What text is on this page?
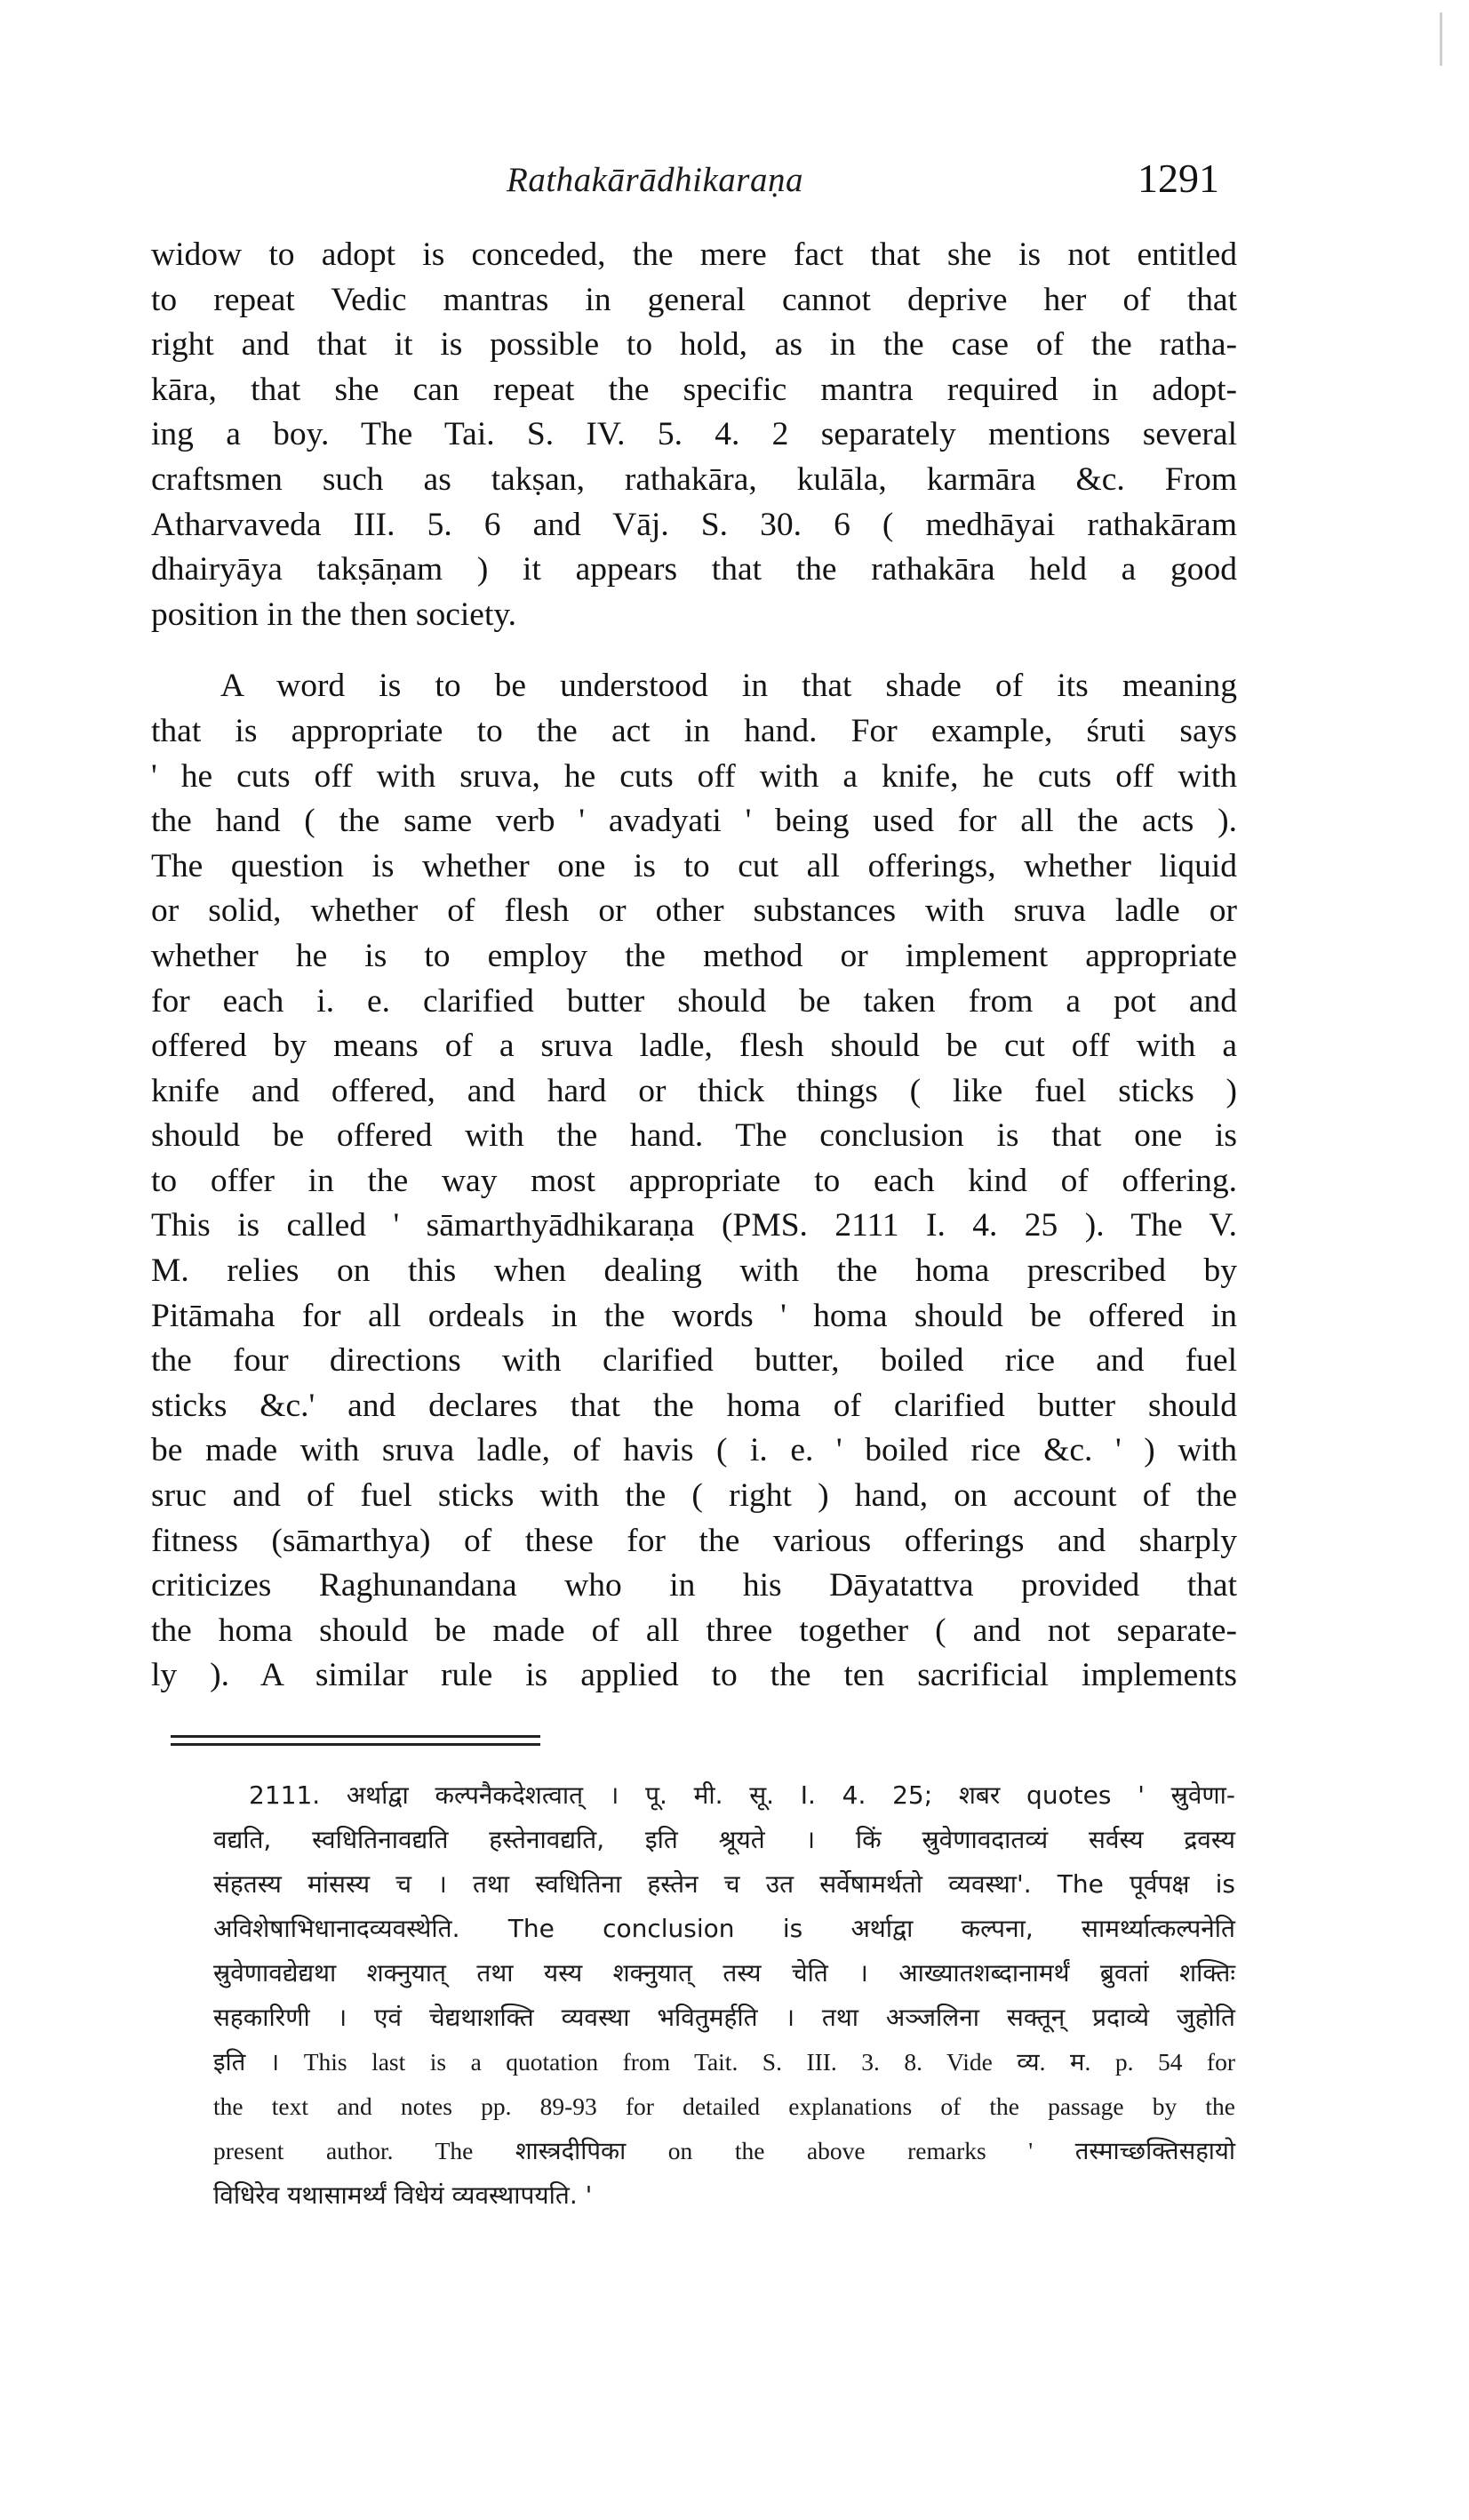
Rathakārādhikaraṇa	1291
widow to adopt is conceded, the mere fact that she is not entitled
to repeat Vedic mantras in general cannot deprive her of that
right and that it is possible to hold, as in the case of the ratha-
kāra, that she can repeat the specific mantra required in adopt-
ing a boy. The Tai. S. IV. 5. 4. 2 separately mentions several
craftsmen such as takṣan, rathakāra, kulāla, karmāra &c. From
Atharvaveda III. 5. 6 and Vāj. S. 30. 6 ( medhāyai rathakāram
dhairyāya takṣāṇam ) it appears that the rathakāra held a good
position in the then society.
A word is to be understood in that shade of its meaning
that is appropriate to the act in hand. For example, śruti says
' he cuts off with sruva, he cuts off with a knife, he cuts off with
the hand ( the same verb ' avadyati ' being used for all the acts ).
The question is whether one is to cut all offerings, whether liquid
or solid, whether of flesh or other substances with sruva ladle or
whether he is to employ the method or implement appropriate
for each i. e. clarified butter should be taken from a pot and
offered by means of a sruva ladle, flesh should be cut off with a
knife and offered, and hard or thick things ( like fuel sticks )
should be offered with the hand. The conclusion is that one is
to offer in the way most appropriate to each kind of offering.
This is called ' sāmarthyādhikaraṇa (PMS. 2111 I. 4. 25 ). The V.
M. relies on this when dealing with the homa prescribed by
Pitāmaha for all ordeals in the words ' homa should be offered in
the four directions with clarified butter, boiled rice and fuel
sticks &c.' and declares that the homa of clarified butter should
be made with sruva ladle, of havis ( i. e. ' boiled rice &c. ' ) with
sruc and of fuel sticks with the ( right ) hand, on account of the
fitness (sāmarthya) of these for the various offerings and sharply
criticizes Raghunandana who in his Dāyatattva provided that
the homa should be made of all three together ( and not separate-
ly ). A similar rule is applied to the ten sacrificial implements
2111. अर्थाद्वा कल्पनैकदेशत्वात् । पू. मी. सू. I. 4. 25; शबर quotes ' स्रुवेणा-
वद्यति, स्वधितिनावद्यति हस्तेनावद्यति, इति श्रूयते । किं स्रुवेणावदातव्यं सर्वस्य द्रवस्य
संहतस्य मांसस्य च । तथा स्वधितिना हस्तेन च उत सर्वेषामर्थतो व्यवस्था'. The पूर्वपक्ष is
अविशेषाभिधानादव्यवस्थेति. The conclusion is अर्थाद्वा कल्पना, सामर्थ्यात्कल्पनेति
स्रुवेणावद्येद्यथा शक्नुयात् तथा यस्य शक्नुयात् तस्य चेति । आख्यातशब्दानामर्थं ब्रुवतां शक्तिः
सहकारिणी । एवं चेद्यथाशक्ति व्यवस्था भवितुमर्हति । तथा अञ्जलिना सक्तून् प्रदाव्ये जुहोति
इति । This last is a quotation from Tait. S. III. 3. 8. Vide व्य. म. p. 54 for
the text and notes pp. 89-93 for detailed explanations of the passage by the
present author. The शास्त्रदीपिका on the above remarks ' तस्माच्छक्तिसहायो
विधिरेव यथासामर्थ्यं विधेयं व्यवस्थापयति. '
